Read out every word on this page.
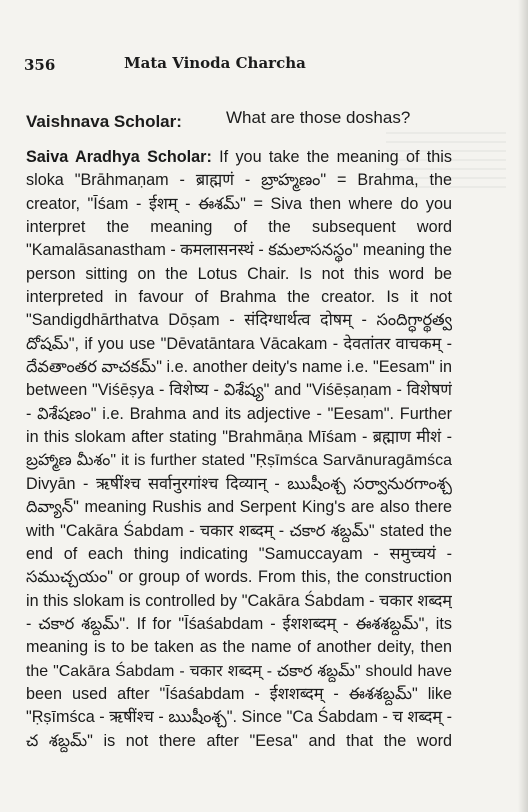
356	Mata Vinoda Charcha
Vaishnava Scholar:	What are those doshas?
Saiva Aradhya Scholar: If you take the meaning of this
sloka "Brāhmaṇam - ब्राह्मणं - బ్రాహ్మణం" = Brahma, the
creator, "Īśam - ईशम् - ఈశమ్" = Siva then where do you
interpret the meaning of the subsequent word
"Kamalāsanastham - कमलासनस्थं - కమలాసనస్థం" meaning the
person sitting on the Lotus Chair. Is not this word be
interpreted in favour of Brahma the creator. Is it not
"Sandigdhārthatva Dōṣam - संदिग्धार्थत्व दोषम् - సందిగ్ధార్థత్వ
దోషమ్", if you use "Dēvatāntara Vācakam - देवतांतर वाचकम् -
దేవతాంతర వాచకమ్" i.e. another deity's name i.e. "Eesam" in
between "Viśēṣya - विशेष्य - విశేష్య" and "Viśēṣaṇam - विशेषणं
- విశేషణం" i.e. Brahma and its adjective - "Eesam". Further
in this slokam after stating "Brahmāṇa Mīśam - ब्रह्माण मीशं -
బ్రహ్మాణ మీశం" it is further stated "Ṛṣīmśca Sarvānuragāmśca
Divyān - ऋषींश्च सर्वानुरगांश्च दिव्यान् - ఋషీంశ్చ సర్వానురగాంశ్చ
దివ్యాన్" meaning Rushis and Serpent King's are also there
with "Cakāra Śabdam - चकार शब्दम् - చకార శబ్దమ్" stated the
end of each thing indicating "Samuccayam - समुच्चयं -
సముచ్చయం" or group of words. From this, the construction
in this slokam is controlled by "Cakāra Śabdam - चकार शब्दम्
- చకార శబ్దమ్". If for "Īśaśabdam - ईशशब्दम् - ఈశశబ్దమ్", its
meaning is to be taken as the name of another deity, then
the "Cakāra Śabdam - चकार शब्दम् - చకార శబ్దమ్" should have
been used after "Īśaśabdam - ईशशब्दम् - ఈశశబ్దమ్" like
"Ṛṣīmśca - ऋषींश्च - ఋషీంశ్చ". Since "Ca Śabdam - च शब्दम् -
చ శబ్దమ్" is not there after "Eesa" and that the word
